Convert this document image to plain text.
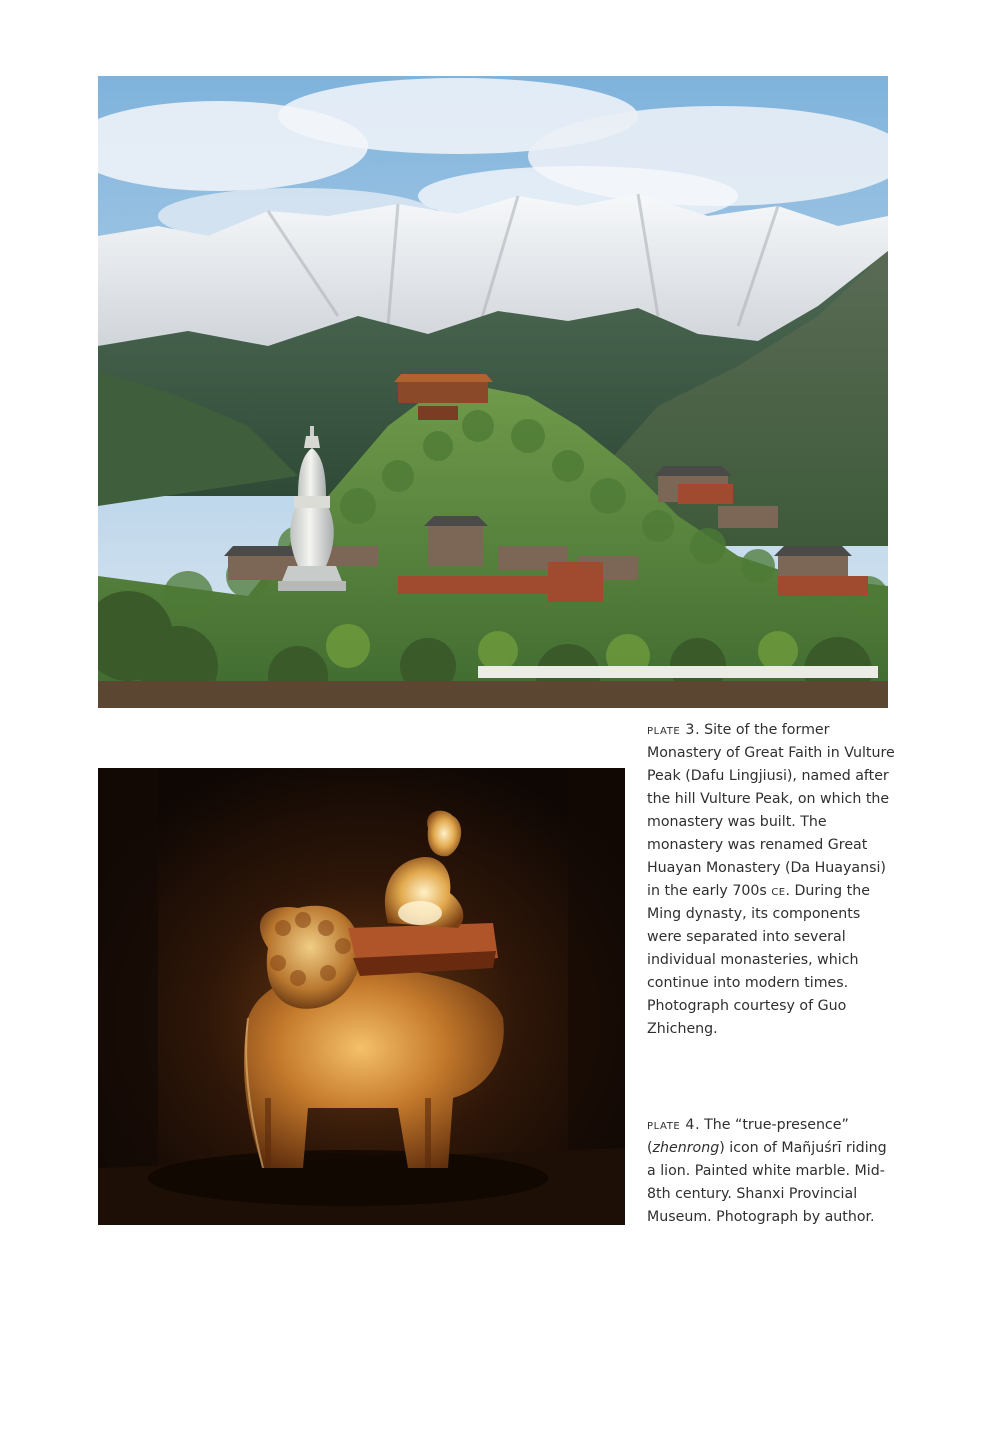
plate 3. Site of the former Monastery of Great Faith in Vulture Peak (Dafu Lingjiusi), named after the hill Vulture Peak, on which the monastery was built. The monastery was renamed Great Huayan Monastery (Da Huayansi) in the early 700s ce. During the Ming dynasty, its components were separated into several individual monasteries, which continue into modern times. Photograph courtesy of Guo Zhicheng.
plate 4. The “true-presence” (zhenrong) icon of Mañjuśrī riding a lion. Painted white marble. Mid-8th century. Shanxi Provincial Museum. Photograph by author.
